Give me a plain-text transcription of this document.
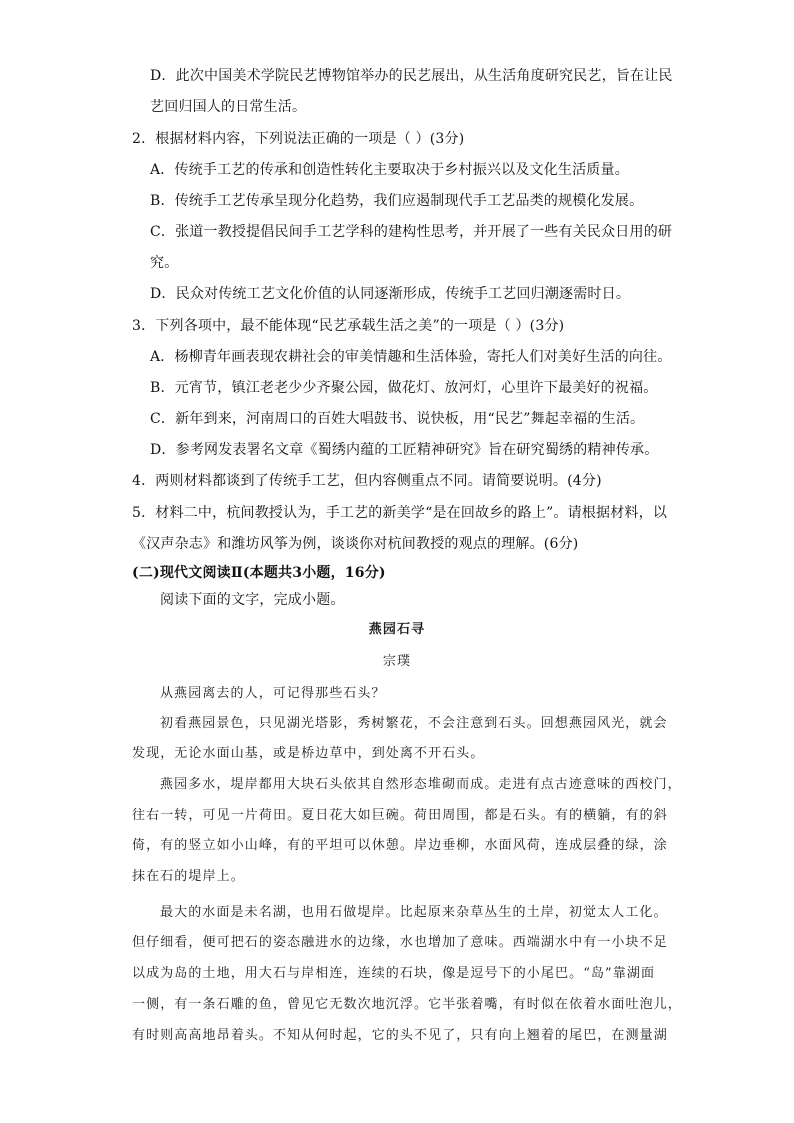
D．此次中国美术学院民艺博物馆举办的民艺展出，从生活角度研究民艺，旨在让民
艺回归国人的日常生活。
2．根据材料内容，下列说法正确的一项是（ ）(3分)
A．传统手工艺的传承和创造性转化主要取决于乡村振兴以及文化生活质量。
B．传统手工艺传承呈现分化趋势，我们应遏制现代手工艺品类的规模化发展。
C．张道一教授提倡民间手工艺学科的建构性思考，并开展了一些有关民众日用的研
究。
D．民众对传统工艺文化价值的认同逐渐形成，传统手工艺回归潮逐需时日。
3．下列各项中，最不能体现“民艺承载生活之美”的一项是（ ）(3分)
A．杨柳青年画表现农耕社会的审美情趣和生活体验，寄托人们对美好生活的向往。
B．元宵节，镇江老老少少齐聚公园，做花灯、放河灯，心里许下最美好的祝福。
C．新年到来，河南周口的百姓大唱鼓书、说快板，用“民艺”舞起幸福的生活。
D．参考网发表署名文章《蜀绣内蕴的工匠精神研究》旨在研究蜀绣的精神传承。
4．两则材料都谈到了传统手工艺，但内容侧重点不同。请简要说明。(4分)
5．材料二中，杭间教授认为，手工艺的新美学“是在回故乡的路上”。请根据材料，以
《汉声杂志》和潍坊风筝为例，谈谈你对杭间教授的观点的理解。(6分)
(二)现代文阅读Ⅱ(本题共3小题，16分)
阅读下面的文字，完成小题。
燕园石寻
宗璞
从燕园离去的人，可记得那些石头？
初看燕园景色，只见湖光塔影，秀树繁花，不会注意到石头。回想燕园风光，就会
发现，无论水面山基，或是桥边草中，到处离不开石头。
燕园多水，堤岸都用大块石头依其自然形态堆砌而成。走进有点古迹意味的西校门，
往右一转，可见一片荷田。夏日花大如巨碗。荷田周围，都是石头。有的横躺，有的斜
倚，有的竖立如小山峰，有的平坦可以休憩。岸边垂柳，水面风荷，连成层叠的绿，涂
抹在石的堤岸上。
最大的水面是未名湖，也用石做堤岸。比起原来杂草丛生的土岸，初觉太人工化。
但仔细看，便可把石的姿态融进水的边缘，水也增加了意味。西端湖水中有一小块不足
以成为岛的土地，用大石与岸相连，连续的石块，像是逗号下的小尾巴。“岛”靠湖面
一侧，有一条石雕的鱼，曾见它无数次地沉浮。它半张着嘴，有时似在依着水面吐泡儿，
有时则高高地昂着头。不知从何时起，它的头不见了，只有向上翘着的尾巴，在测量湖
